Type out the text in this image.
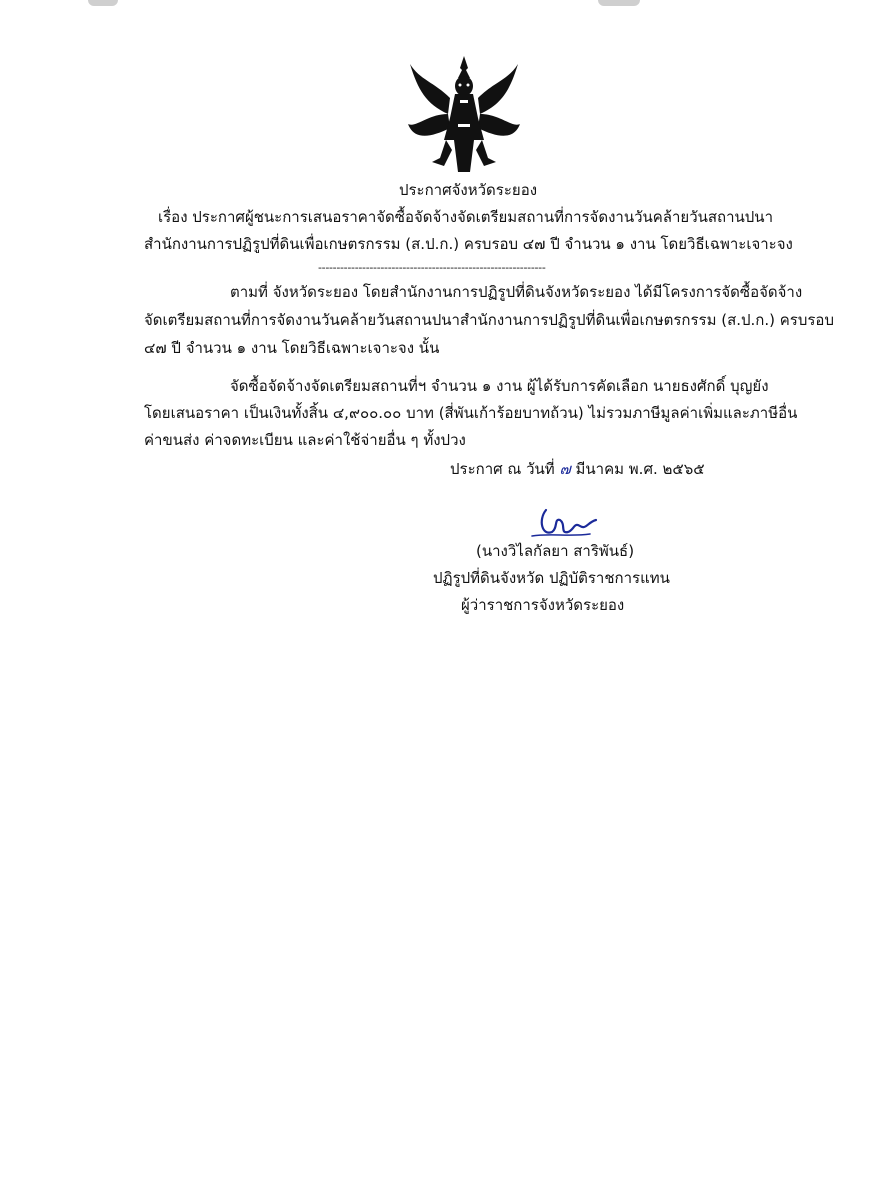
ประกาศจังหวัดระยอง
เรื่อง ประกาศผู้ชนะการเสนอราคาจัดซื้อจัดจ้างจัดเตรียมสถานที่การจัดงานวันคล้ายวันสถานปนา
สำนักงานการปฏิรูปที่ดินเพื่อเกษตรกรรม (ส.ป.ก.) ครบรอบ ๔๗ ปี จำนวน ๑ งาน โดยวิธีเฉพาะเจาะจง
--------------------------------------------------------------
ตามที่ จังหวัดระยอง โดยสำนักงานการปฏิรูปที่ดินจังหวัดระยอง ได้มีโครงการจัดซื้อจัดจ้าง
จัดเตรียมสถานที่การจัดงานวันคล้ายวันสถานปนาสำนักงานการปฏิรูปที่ดินเพื่อเกษตรกรรม (ส.ป.ก.) ครบรอบ
๔๗ ปี จำนวน ๑ งาน โดยวิธีเฉพาะเจาะจง นั้น
จัดซื้อจัดจ้างจัดเตรียมสถานที่ฯ จำนวน ๑ งาน ผู้ได้รับการคัดเลือก นายธงศักดิ์ บุญยัง
โดยเสนอราคา เป็นเงินทั้งสิ้น ๔,๙๐๐.๐๐ บาท (สี่พันเก้าร้อยบาทถ้วน) ไม่รวมภาษีมูลค่าเพิ่มและภาษีอื่น
ค่าขนส่ง ค่าจดทะเบียน และค่าใช้จ่ายอื่น ๆ ทั้งปวง
ประกาศ ณ วันที่ ๗ มีนาคม พ.ศ. ๒๕๖๕
(นางวิไลกัลยา สาริพันธ์)
ปฏิรูปที่ดินจังหวัด ปฏิบัติราชการแทน
ผู้ว่าราชการจังหวัดระยอง
